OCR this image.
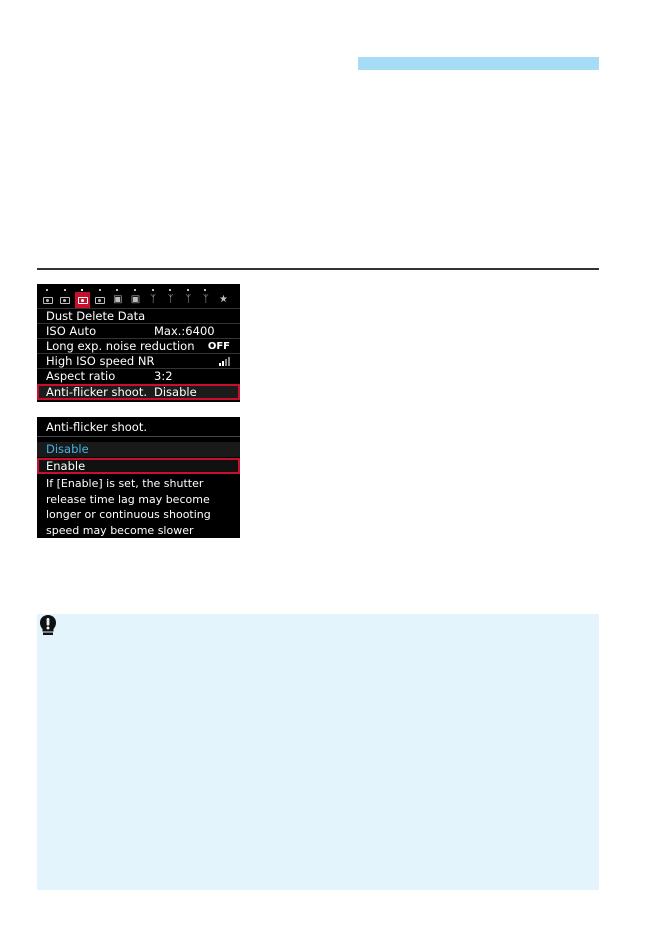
▣ ▣ ᛉ	ᛉ	ᛉ	ᛉ	★
Dust Delete Data
ISO Auto	Max.:6400
Long exp. noise reduction OFF
High ISO speed NR
Aspect ratio	3:2
Anti-flicker shoot. Disable
Anti-flicker shoot.
Disable
Enable
If [Enable] is set, the shutter
release time lag may become
longer or continuous shooting
speed may become slower
